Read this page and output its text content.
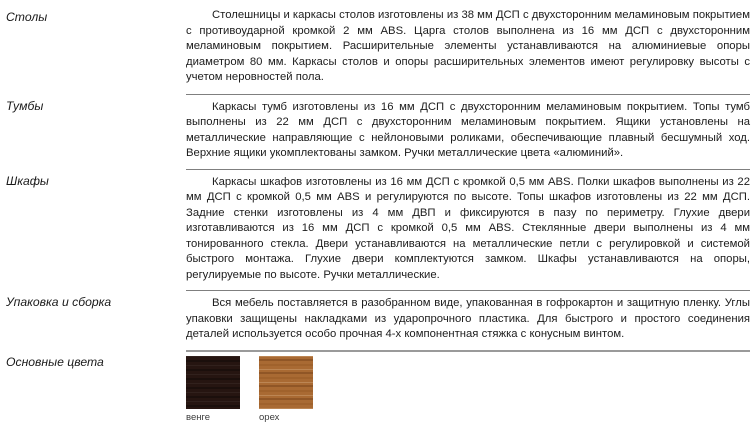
Столы	Столешницы и каркасы столов изготовлены из 38 мм ДСП с двухсторонним меламиновым покрытием с противоударной кромкой 2 мм ABS. Царга столов выполнена из 16 мм ДСП с двухсторонним меламиновым покрытием. Расширительные элементы устанавливаются на алюминиевые опоры диаметром 80 мм. Каркасы столов и опоры расширительных элементов имеют регулировку высоты с учетом неровностей пола.

Тумбы	Каркасы тумб изготовлены из 16 мм ДСП с двухсторонним меламиновым покрытием. Топы тумб выполнены из 22 мм ДСП с двухсторонним меламиновым покрытием. Ящики установлены на металлические направляющие с нейлоновыми роликами, обеспечивающие плавный бесшумный ход. Верхние ящики укомплектованы замком. Ручки металлические цвета «алюминий».

Шкафы	Каркасы шкафов изготовлены из 16 мм ДСП с кромкой 0,5 мм ABS. Полки шкафов выполнены из 22 мм ДСП с кромкой 0,5 мм ABS и регулируются по высоте. Топы шкафов изготовлены из 22 мм ДСП. Задние стенки изготовлены из 4 мм ДВП и фиксируются в пазу по периметру. Глухие двери изготавливаются из 16 мм ДСП с кромкой 0,5 мм ABS. Стеклянные двери выполнены из 4 мм тонированного стекла. Двери устанавливаются на металлические петли с регулировкой и системой быстрого монтажа. Глухие двери комплектуются замком. Шкафы устанавливаются на опоры, регулируемые по высоте. Ручки металлические.

Упаковка и сборка	Вся мебель поставляется в разобранном виде, упакованная в гофрокартон и защитную пленку. Углы упаковки защищены накладками из ударопрочного пластика. Для быстрого и простого соединения деталей используется особо прочная 4-х компонентная стяжка с конусным винтом.

Основные цвета
венге	орех
